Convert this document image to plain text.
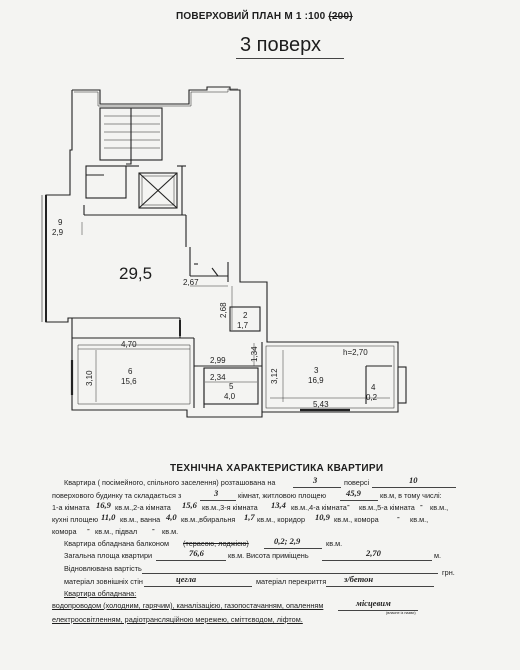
ПОВЕРХОВИЙ ПЛАН М 1 :100 (200)
3 поверх
29,5
9
2,9
2,67
2,68 2
1,7
4,70
2,99	1,34
2,34
6
15,6
5
4,0
3,10	3,12	3
16,9
h=2,70
4
0,2
5,43
ТЕХНІЧНА ХАРАКТЕРИСТИКА КВАРТИРИ
Квартира ( посімейного, спільного заселення) розташована на	3	поверсі	10
поверхового будинку та складається з	3	кімнат, житловою площею 45,9	кв.м, в тому числі:
1-а кімната 16,9 кв.м.,2-а кімната 15,6 кв.м.,3-я кімната 13,4 кв.м.,4-а кімната - кв.м.,5-а кімната - кв.м.,
кухні площею 11,0 кв.м., ванна 4,0 кв.м.,вбиральня 1,7 кв.м., коридор 10,9 кв.м., комора - кв.м.,
комора - кв.м., підвал - кв.м.
Квартира обладнана балконом (терасою, лоджією)	0,2; 2,9	кв.м.
Загальна площа квартири	76,6	кв.м. Висота приміщень	2,70	м.
Відновлювана вартість	грн.
матеріал зовнішніх стін	цегла	матеріал перекриття з/бетон
Квартира обладнана:
водопроводом (холодним, гарячим), каналізацією, газопостачанням, опаленням	місцевим
(власне із назви)
електроосвітленням, радіотрансляційною мережею, сміттєводом, ліфтом.
